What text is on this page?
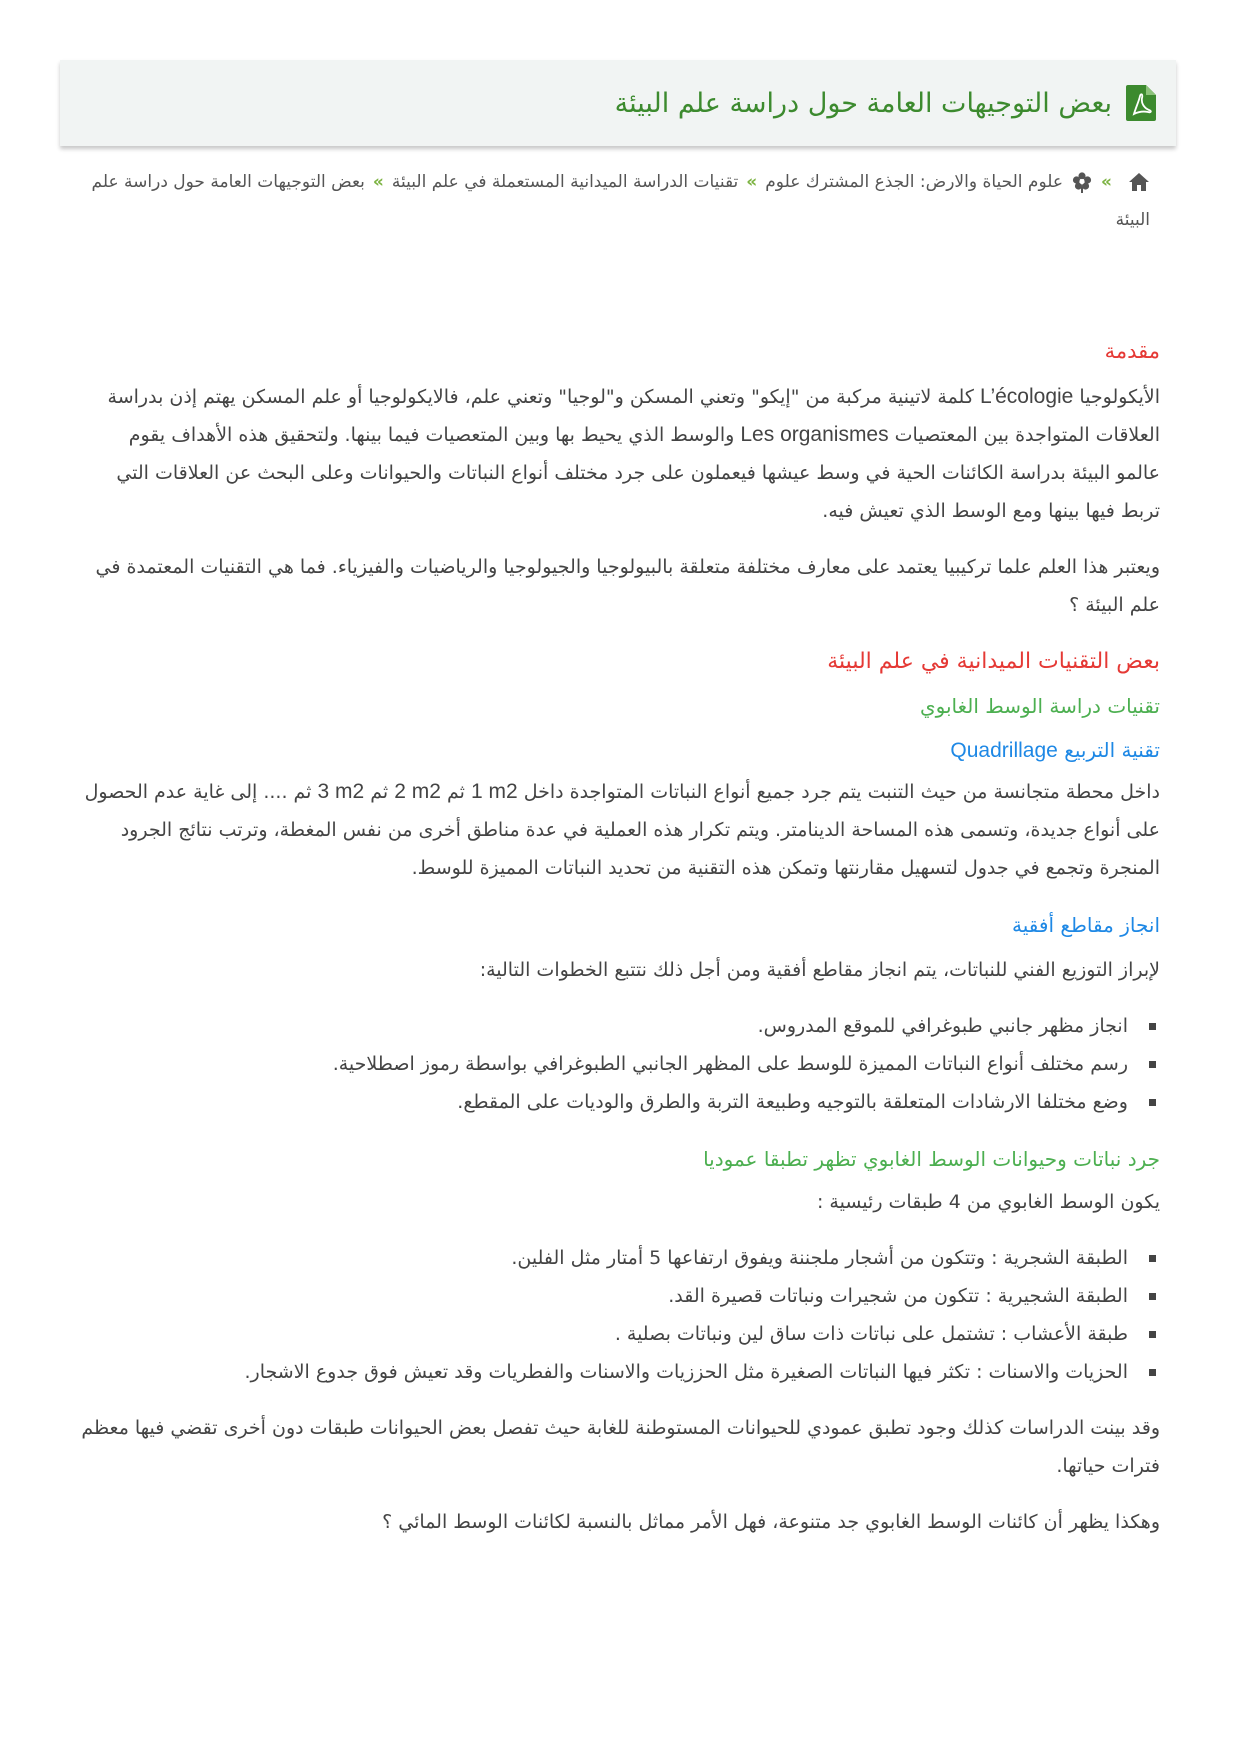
بعض التوجيهات العامة حول دراسة علم البيئة
»علوم الحياة والارض: الجذع المشترك علوم»تقنيات الدراسة الميدانية المستعملة في علم البيئة»بعض التوجيهات العامة حول دراسة علم البيئة
مقدمة

الأيكولوجيا L’écologie كلمة لاتينية مركبة من "إيكو" وتعني المسكن و"لوجيا" وتعني علم، فالايكولوجيا أو علم المسكن يهتم إذن بدراسة العلاقات المتواجدة بين المعتصيات Les organismes والوسط الذي يحيط بها وبين المتعصيات فيما بينها. ولتحقيق هذه الأهداف يقوم عالمو البيئة بدراسة الكائنات الحية في وسط عيشها فيعملون على جرد مختلف أنواع النباتات والحيوانات وعلى البحث عن العلاقات التي تربط فيها بينها ومع الوسط الذي تعيش فيه.

ويعتبر هذا العلم علما تركيبيا يعتمد على معارف مختلفة متعلقة بالبيولوجيا والجيولوجيا والرياضيات والفيزياء. فما هي التقنيات المعتمدة في علم البيئة ؟

بعض التقنيات الميدانية في علم البيئة
تقنيات دراسة الوسط الغابوي
تقنية التربيع Quadrillage

داخل محطة متجانسة من حيث التنبت يتم جرد جميع أنواع النباتات المتواجدة داخل 1 m2 ثم 2 m2 ثم 3 m2 ثم .... إلى غاية عدم الحصول على أنواع جديدة، وتسمى هذه المساحة الدينامتر. ويتم تكرار هذه العملية في عدة مناطق أخرى من نفس المغطة، وترتب نتائج الجرود المنجرة وتجمع في جدول لتسهيل مقارنتها وتمكن هذه التقنية من تحديد النباتات المميزة للوسط.

انجاز مقاطع أفقية

لإبراز التوزيع الفني للنباتات، يتم انجاز مقاطع أفقية ومن أجل ذلك نتتبع الخطوات التالية:

انجاز مظهر جانبي طبوغرافي للموقع المدروس.
رسم مختلف أنواع النباتات المميزة للوسط على المظهر الجانبي الطبوغرافي بواسطة رموز اصطلاحية.
وضع مختلفا الارشادات المتعلقة بالتوجيه وطبيعة التربة والطرق والوديات على المقطع.
جرد نباتات وحيوانات الوسط الغابوي تظهر تطبقا عموديا

يكون الوسط الغابوي من 4 طبقات رئيسية :

الطبقة الشجرية : وتتكون من أشجار ملجننة ويفوق ارتفاعها 5 أمتار مثل الفلين.
الطبقة الشجيرية : تتكون من شجيرات ونباتات قصيرة القد.
طبقة الأعشاب : تشتمل على نباتات ذات ساق لين ونباتات بصلية .
الحزيات والاسنات : تكثر فيها النباتات الصغيرة مثل الحززيات والاسنات والفطريات وقد تعيش فوق جدوع الاشجار.

وقد بينت الدراسات كذلك وجود تطبق عمودي للحيوانات المستوطنة للغابة حيث تفصل بعض الحيوانات طبقات دون أخرى تقضي فيها معظم فترات حياتها.

وهكذا يظهر أن كائنات الوسط الغابوي جد متنوعة، فهل الأمر مماثل بالنسبة لكائنات الوسط المائي ؟
